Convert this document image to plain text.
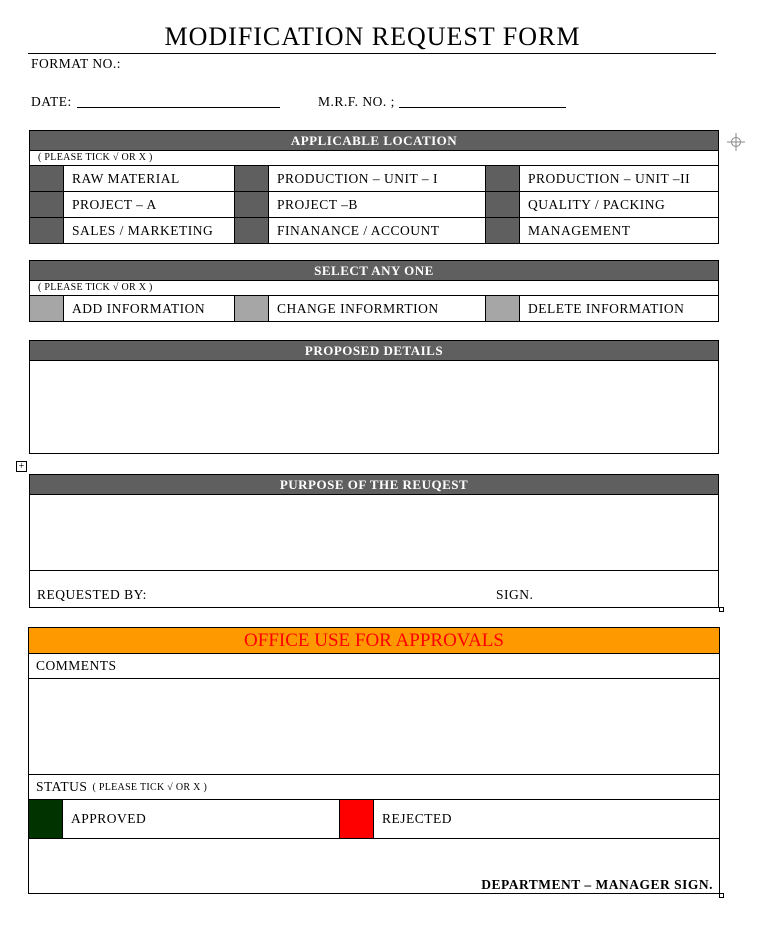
MODIFICATION REQUEST FORM
FORMAT NO.:
DATE:	M.R.F. NO. ;
APPLICABLE LOCATION
( PLEASE TICK √ OR X )
RAW MATERIAL	PRODUCTION – UNIT – I	PRODUCTION – UNIT –II
PROJECT – A	PROJECT –B	QUALITY / PACKING
SALES / MARKETING	FINANANCE / ACCOUNT	MANAGEMENT
SELECT ANY ONE
( PLEASE TICK √ OR X )
ADD INFORMATION	CHANGE INFORMRTION	DELETE INFORMATION
PROPOSED DETAILS
+
PURPOSE OF THE REUQEST
REQUESTED BY:	SIGN.
OFFICE USE FOR APPROVALS
COMMENTS
STATUS ( PLEASE TICK √ OR X )
APPROVED	REJECTED
DEPARTMENT – MANAGER SIGN.
